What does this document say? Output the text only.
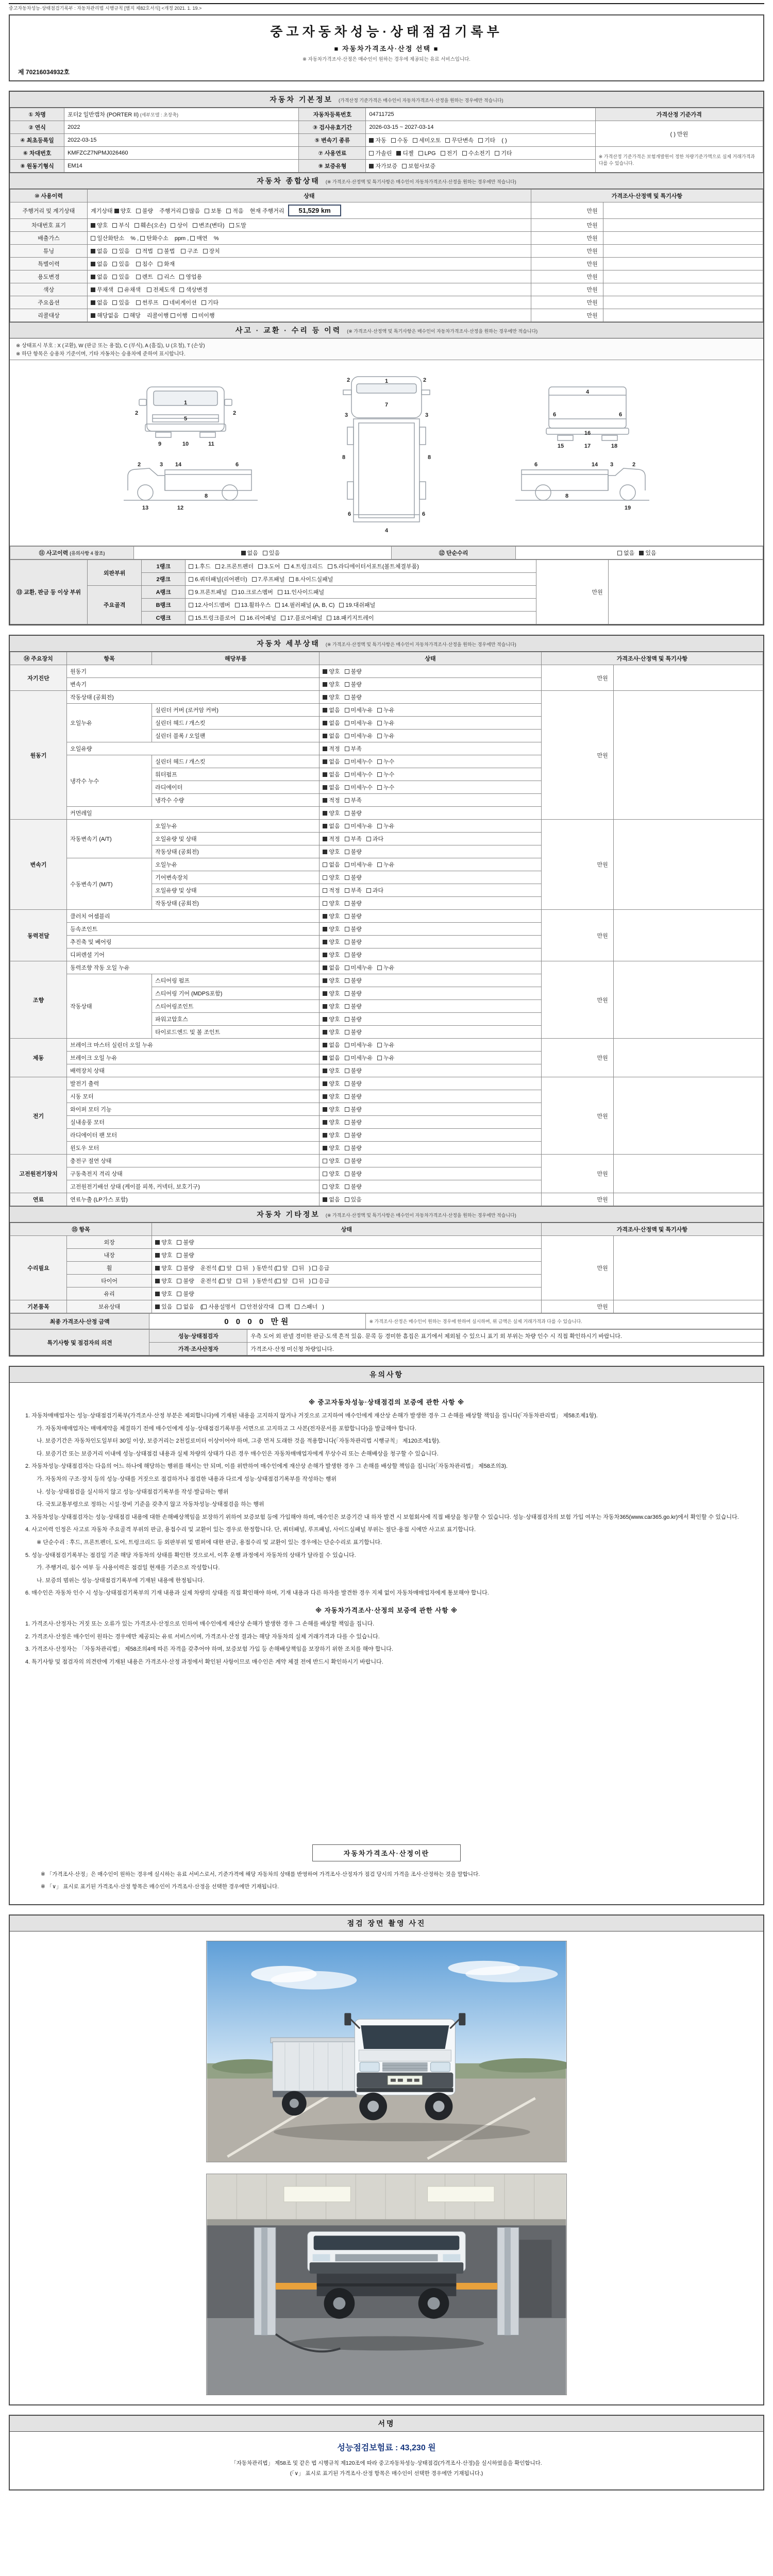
중고자동차성능·상태점검기록부 : 자동차관리법 시행규칙 [별지 제82호서식] <개정 2021. 1. 19.>
중고자동차성능·상태점검기록부
■ 자동차가격조사·산정 선택 ■
※ 자동차가격조사·산정은 매수인이 원하는 경우에 제공되는 유료 서비스입니다.
제 70216034932호
자동차 기본정보 (가격산정 기준가격은 매수인이 자동차가격조사·산정을 원하는 경우에만 적습니다)
① 차명	포터2 일반캡차 (PORTER II) (세부모델 : 초장축)	자동차등록번호	04711725	가격산정 기준가격
② 연식	2022	③ 검사유효기간	2026-03-15 ~ 2027-03-14	( ) 만원
④ 최초등록일	2022-03-15	⑤ 변속기 종류	자동 수동 세미오토 무단변속 기타 ( )	
⑥ 차대번호	KMFZCZ7NPMJ026460	⑦ 사용연료	가솔린 디젤 LPG 전기 수소전기 기타	※ 가격산정 기준가격은 보험개발원이 정한 차량기준가액으로 실제 거래가격과 다를 수 있습니다.
⑧ 원동기형식	EM14	⑨ 보증유형	자가보증 보험사보증	
자동차 종합상태 (※ 가격조사·산정액 및 특기사항은 매수인이 자동차가격조사·산정을 원하는 경우에만 적습니다)
⑩ 사용이력	상태	가격조사·산정액 및 특기사항	
주행거리 및 계기상태	계기상태 양호 불량 주행거리 많음 보통 적음 현재 주행거리 51,529 km	만원	
차대번호 표기	양호 부식 훼손(오손) 상이 변조(변타) 도말	만원	
배출가스	일산화탄소 % , 탄화수소 ppm , 매연 %	만원	
튜닝	없음 있음 적법 불법 구조 장치	만원	
특별이력	없음 있음 침수 화재	만원	
용도변경	없음 있음 렌트 리스 영업용	만원	
색상	무채색 유채색 전체도색 색상변경	만원	
주요옵션	없음 있음 썬루프 네비게이션 기타	만원	
리콜대상	해당없음 해당 리콜이행 이행 미이행	만원	
사고 · 교환 · 수리 등 이력 (※ 가격조사·산정액 및 특기사항은 매수인이 자동차가격조사·산정을 원하는 경우에만 적습니다)
※ 상태표시 부호 : X (교환), W (판금 또는 용접), C (부식), A (흠집), U (요철), T (손상)
※ 하단 항목은 승용차 기준이며, 기타 자동차는 승용차에 준하여 표시합니다.
1
2	2
5
9	10	11
4
6	6
16
15	17	18
2	3 14	6
8
13	12
2
3
14
6
8
19
1
2	2
7
3	3
8	8
6	6
4
⑪ 사고이력 (유의사항 4 참조)	없음 있음	⑫ 단순수리	없음 있음
⑬ 교환, 판금 등 이상 부위	외판부위	1랭크	1.후드 2.프론트펜더 3.도어 4.트렁크리드 5.라디에이터서포트(볼트체결부품)	만원	
		2랭크	6.쿼터패널(리어펜더) 7.루프패널 8.사이드실패널		
	주요골격	A랭크	9.프론트패널 10.크로스멤버 11.인사이드패널		
		B랭크	12.사이드멤버 13.휠하우스 14.필러패널 (A, B, C) 19.대쉬패널		
		C랭크	15.트렁크플로어 16.리어패널 17.플로어패널 18.패키지트레이		
자동차 세부상태 (※ 가격조사·산정액 및 특기사항은 매수인이 자동차가격조사·산정을 원하는 경우에만 적습니다)
⑭ 주요장치	항목	해당부품	상태	가격조사·산정액 및 특기사항	
자기진단	원동기		양호 불량	만원	
	변속기		양호 불량		
원동기	작동상태 (공회전)		양호 불량	만원	
	오일누유	실린더 커버 (로커암 커버)	없음 미세누유 누유		
		실린더 헤드 / 개스킷	없음 미세누유 누유		
		실린더 블록 / 오일팬	없음 미세누유 누유		
	오일유량		적정 부족		
	냉각수 누수	실린더 헤드 / 개스킷	없음 미세누수 누수		
		워터펌프	없음 미세누수 누수		
		라디에이터	없음 미세누수 누수		
		냉각수 수량	적정 부족		
	커먼레일		양호 불량		
변속기	자동변속기 (A/T)	오일누유	없음 미세누유 누유	만원	
		오일유량 및 상태	적정 부족 과다		
		작동상태 (공회전)	양호 불량		
	수동변속기 (M/T)	오일누유	없음 미세누유 누유		
		기어변속장치	양호 불량		
		오일유량 및 상태	적정 부족 과다		
		작동상태 (공회전)	양호 불량		
동력전달	클러치 어셈블리		양호 불량	만원	
	등속조인트		양호 불량		
	추진축 및 베어링		양호 불량		
	디퍼렌셜 기어		양호 불량		
조향	동력조향 작동 오일 누유		없음 미세누유 누유	만원	
	작동상태	스티어링 펌프	양호 불량		
		스티어링 기어 (MDPS포함)	양호 불량		
		스티어링조인트	양호 불량		
		파워고압호스	양호 불량		
		타이로드엔드 및 볼 조인트	양호 불량		
제동	브레이크 마스터 실린더 오일 누유		없음 미세누유 누유	만원	
	브레이크 오일 누유		없음 미세누유 누유		
	배력장치 상태		양호 불량		
전기	발전기 출력		양호 불량	만원	
	시동 모터		양호 불량		
	와이퍼 모터 기능		양호 불량		
	실내송풍 모터		양호 불량		
	라디에이터 팬 모터		양호 불량		
	윈도우 모터		양호 불량		
고전원전기장치	충전구 절연 상태		양호 불량	만원	
	구동축전지 격리 상태		양호 불량		
	고전원전기배선 상태 (케이블 피복, 커넥터, 보호기구)		양호 불량		
연료	연료누출 (LP가스 포함)		없음 있음	만원	
자동차 기타정보 (※ 가격조사·산정액 및 특기사항은 매수인이 자동차가격조사·산정을 원하는 경우에만 적습니다)
⑮ 항목		상태	가격조사·산정액 및 특기사항	
수리필요	외장	양호 불량	만원	
	내장	양호 불량		
	휠	양호 불량 운전석 ( 앞 뒤 ) 동반석 ( 앞 뒤 ) 응급		
	타이어	양호 불량 운전석 ( 앞 뒤 ) 동반석 ( 앞 뒤 ) 응급		
	유리	양호 불량		
기본품목	보유상태	있음 없음 ( 사용설명서 안전삼각대 잭 스패너 )	만원	
최종 가격조사·산정 금액	0 0 0 0 만원	※ 가격조사·산정은 매수인이 원하는 경우에 한하여 실시하며, 위 금액은 실제 거래가격과 다를 수 있습니다.
특기사항 및 점검자의 의견	성능·상태점검자	우측 도어 외 판넬 경미한 판금·도색 흔적 있음. 문콕 등 경미한 흠집은 표기에서 제외될 수 있으니 표기 외 부위는 차량 인수 시 직접 확인하시기 바랍니다.
	가격·조사산정자	가격조사·산정 미신청 차량입니다.
유의사항

※ 중고자동차성능·상태점검의 보증에 관한 사항 ※

1. 자동차매매업자는 성능·상태점검기록부(가격조사·산정 부분은 제외합니다)에 기재된 내용을 고지하지 않거나 거짓으로 고지하여 매수인에게 재산상 손해가 발생한 경우 그 손해를 배상할 책임을 집니다(「자동차관리법」 제58조제1항).

가. 자동차매매업자는 매매계약을 체결하기 전에 매수인에게 성능·상태점검기록부를 서면으로 고지하고 그 사본(전자문서를 포함합니다)을 발급해야 합니다.

나. 보증기간은 자동차인도일부터 30일 이상, 보증거리는 2천킬로미터 이상이어야 하며, 그중 먼저 도래한 것을 적용합니다(「자동차관리법 시행규칙」 제120조제1항).

다. 보증기간 또는 보증거리 이내에 성능·상태점검 내용과 실제 차량의 상태가 다른 경우 매수인은 자동차매매업자에게 무상수리 또는 손해배상을 청구할 수 있습니다.

2. 자동차성능·상태점검자는 다음의 어느 하나에 해당하는 행위를 해서는 안 되며, 이를 위반하여 매수인에게 재산상 손해가 발생한 경우 그 손해를 배상할 책임을 집니다(「자동차관리법」 제58조의3).

가. 자동차의 구조·장치 등의 성능·상태를 거짓으로 점검하거나 점검한 내용과 다르게 성능·상태점검기록부를 작성하는 행위

나. 성능·상태점검을 실시하지 않고 성능·상태점검기록부를 작성·발급하는 행위

다. 국토교통부령으로 정하는 시설·장비 기준을 갖추지 않고 자동차성능·상태점검을 하는 행위

3. 자동차성능·상태점검자는 성능·상태점검 내용에 대한 손해배상책임을 보장하기 위하여 보증보험 등에 가입해야 하며, 매수인은 보증기간 내 하자 발견 시 보험회사에 직접 배상을 청구할 수 있습니다. 성능·상태점검자의 보험 가입 여부는 자동차365(www.car365.go.kr)에서 확인할 수 있습니다.

4. 사고이력 인정은 사고로 자동차 주요골격 부위의 판금, 용접수리 및 교환이 있는 경우로 한정합니다. 단, 쿼터패널, 루프패널, 사이드실패널 부위는 절단·용접 시에만 사고로 표기합니다.

※ 단순수리 : 후드, 프론트펜더, 도어, 트렁크리드 등 외판부위 및 범퍼에 대한 판금, 용접수리 및 교환이 있는 경우에는 단순수리로 표기합니다.

5. 성능·상태점검기록부는 점검일 기준 해당 자동차의 상태를 확인한 것으로서, 이후 운행 과정에서 자동차의 상태가 달라질 수 있습니다.

가. 주행거리, 침수 여부 등 사용이력은 점검일 현재를 기준으로 작성합니다.

나. 보증의 범위는 성능·상태점검기록부에 기재된 내용에 한정됩니다.

6. 매수인은 자동차 인수 시 성능·상태점검기록부의 기재 내용과 실제 차량의 상태를 직접 확인해야 하며, 기재 내용과 다른 하자를 발견한 경우 지체 없이 자동차매매업자에게 통보해야 합니다.

※ 자동차가격조사·산정의 보증에 관한 사항 ※

1. 가격조사·산정자는 거짓 또는 오류가 있는 가격조사·산정으로 인하여 매수인에게 재산상 손해가 발생한 경우 그 손해를 배상할 책임을 집니다.

2. 가격조사·산정은 매수인이 원하는 경우에만 제공되는 유료 서비스이며, 가격조사·산정 결과는 해당 자동차의 실제 거래가격과 다를 수 있습니다.

3. 가격조사·산정자는 「자동차관리법」 제58조의4에 따른 자격을 갖추어야 하며, 보증보험 가입 등 손해배상책임을 보장하기 위한 조치를 해야 합니다.

4. 특기사항 및 점검자의 의견란에 기재된 내용은 가격조사·산정 과정에서 확인된 사항이므로 매수인은 계약 체결 전에 반드시 확인하시기 바랍니다.

자동차가격조사·산정이란

※ 「가격조사·산정」은 매수인이 원하는 경우에 실시하는 유료 서비스로서, 기준가격에 해당 자동차의 상태를 반영하여 가격조사·산정자가 점검 당시의 가격을 조사·산정하는 것을 말합니다.

※ 「∨」 표시로 표기된 가격조사·산정 항목은 매수인이 가격조사·산정을 선택한 경우에만 기재됩니다.

점검 장면 촬영 사진
서명
성능점검보험료 : 43,230 원

「자동차관리법」 제58조 및 같은 법 시행규칙 제120조에 따라 중고자동차성능·상태점검(가격조사·산정)을 실시하였음을 확인합니다.

(「∨」 표시로 표기된 가격조사·산정 항목은 매수인이 선택한 경우에만 기재됩니다.)
